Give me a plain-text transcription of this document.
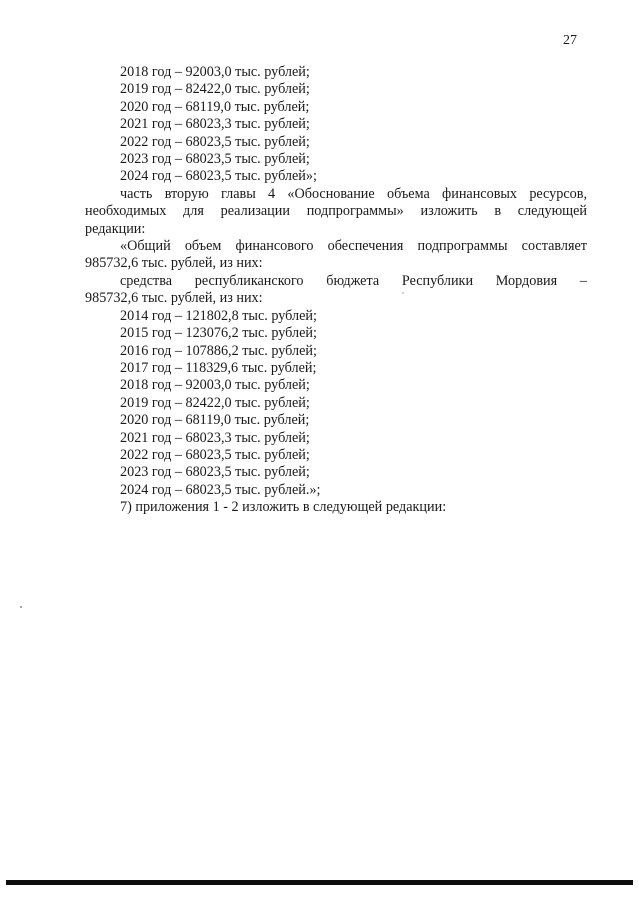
27
2018 год – 92003,0 тыс. рублей;
2019 год – 82422,0 тыс. рублей;
2020 год – 68119,0 тыс. рублей;
2021 год – 68023,3 тыс. рублей;
2022 год – 68023,5 тыс. рублей;
2023 год – 68023,5 тыс. рублей;
2024 год – 68023,5 тыс. рублей»;
часть вторую главы 4 «Обоснование объема финансовых ресурсов,
необходимых для реализации подпрограммы» изложить в следующей
редакции:
«Общий объем финансового обеспечения подпрограммы составляет
985732,6 тыс. рублей, из них:
средства республиканского бюджета Республики Мордовия –
985732,6 тыс. рублей, из них:
2014 год – 121802,8 тыс. рублей;
2015 год – 123076,2 тыс. рублей;
2016 год – 107886,2 тыс. рублей;
2017 год – 118329,6 тыс. рублей;
2018 год – 92003,0 тыс. рублей;
2019 год – 82422,0 тыс. рублей;
2020 год – 68119,0 тыс. рублей;
2021 год – 68023,3 тыс. рублей;
2022 год – 68023,5 тыс. рублей;
2023 год – 68023,5 тыс. рублей;
2024 год – 68023,5 тыс. рублей.»;
7) приложения 1 - 2 изложить в следующей редакции:
